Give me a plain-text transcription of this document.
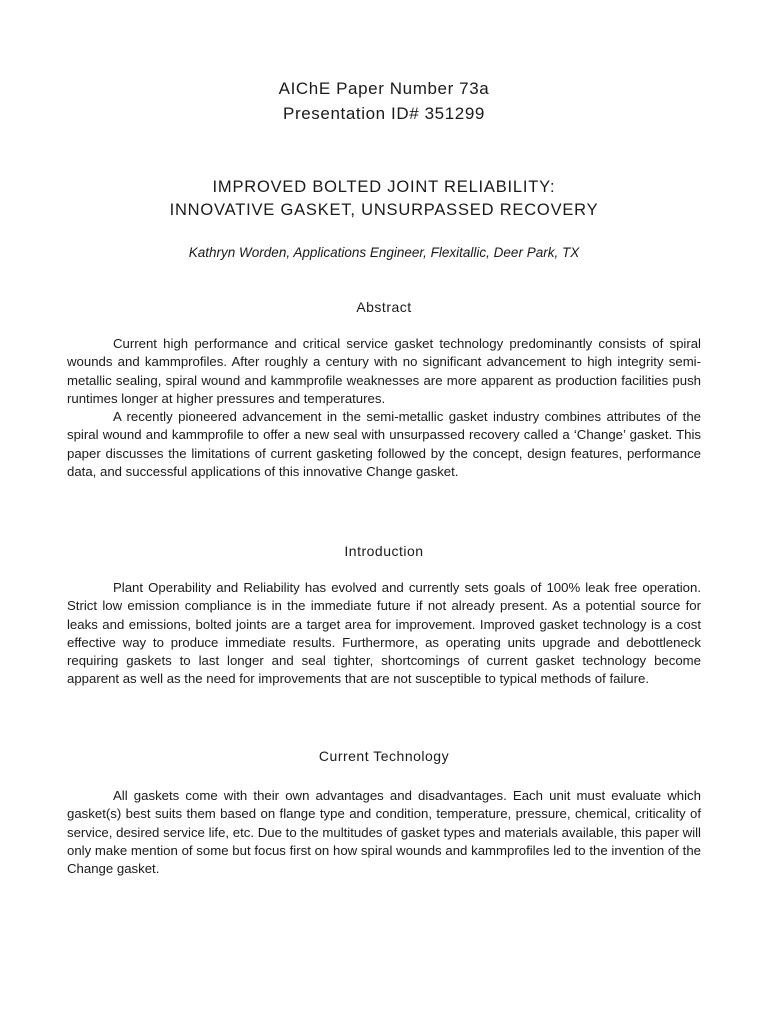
AIChE Paper Number 73a
Presentation ID# 351299
IMPROVED BOLTED JOINT RELIABILITY:
INNOVATIVE GASKET, UNSURPASSED RECOVERY
Kathryn Worden, Applications Engineer, Flexitallic, Deer Park, TX
Abstract

Current high performance and critical service gasket technology predominantly consists of spiral wounds and kammprofiles. After roughly a century with no significant advancement to high integrity semi-metallic sealing, spiral wound and kammprofile weaknesses are more apparent as production facilities push runtimes longer at higher pressures and temperatures.

A recently pioneered advancement in the semi-metallic gasket industry combines attributes of the spiral wound and kammprofile to offer a new seal with unsurpassed recovery called a ‘Change’ gasket. This paper discusses the limitations of current gasketing followed by the concept, design features, performance data, and successful applications of this innovative Change gasket.

Introduction

Plant Operability and Reliability has evolved and currently sets goals of 100% leak free operation. Strict low emission compliance is in the immediate future if not already present. As a potential source for leaks and emissions, bolted joints are a target area for improvement. Improved gasket technology is a cost effective way to produce immediate results. Furthermore, as operating units upgrade and debottleneck requiring gaskets to last longer and seal tighter, shortcomings of current gasket technology become apparent as well as the need for improvements that are not susceptible to typical methods of failure.

Current Technology

All gaskets come with their own advantages and disadvantages. Each unit must evaluate which gasket(s) best suits them based on flange type and condition, temperature, pressure, chemical, criticality of service, desired service life, etc. Due to the multitudes of gasket types and materials available, this paper will only make mention of some but focus first on how spiral wounds and kammprofiles led to the invention of the Change gasket.
